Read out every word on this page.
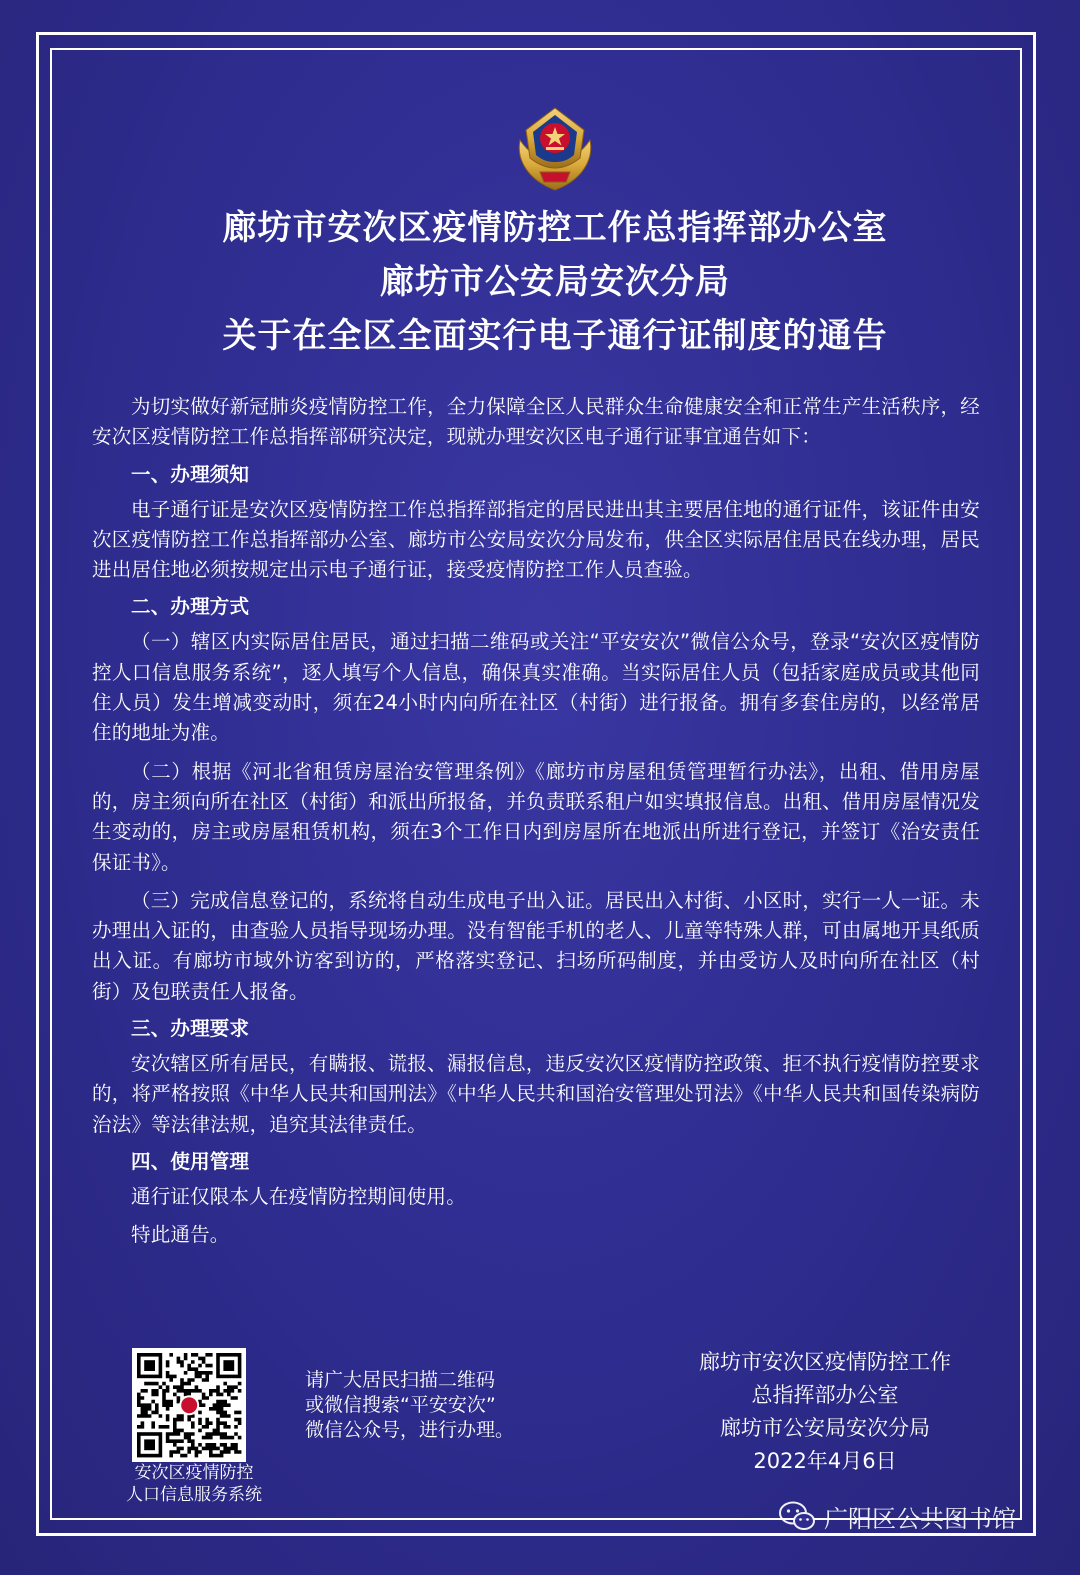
廊坊市安次区疫情防控工作总指挥部办公室
廊坊市公安局安次分局
关于在全区全面实行电子通行证制度的通告

为切实做好新冠肺炎疫情防控工作，全力保障全区人民群众生命健康安全和正常生产生活秩序，经安次区疫情防控工作总指挥部研究决定，现就办理安次区电子通行证事宜通告如下：

一、办理须知

电子通行证是安次区疫情防控工作总指挥部指定的居民进出其主要居住地的通行证件，该证件由安次区疫情防控工作总指挥部办公室、廊坊市公安局安次分局发布，供全区实际居住居民在线办理，居民进出居住地必须按规定出示电子通行证，接受疫情防控工作人员查验。

二、办理方式

（一）辖区内实际居住居民，通过扫描二维码或关注“平安安次”微信公众号，登录“安次区疫情防控人口信息服务系统”，逐人填写个人信息，确保真实准确。当实际居住人员（包括家庭成员或其他同住人员）发生增减变动时，须在24小时内向所在社区（村街）进行报备。拥有多套住房的，以经常居住的地址为准。

（二）根据《河北省租赁房屋治安管理条例》《廊坊市房屋租赁管理暂行办法》，出租、借用房屋的，房主须向所在社区（村街）和派出所报备，并负责联系租户如实填报信息。出租、借用房屋情况发生变动的，房主或房屋租赁机构，须在3个工作日内到房屋所在地派出所进行登记，并签订《治安责任保证书》。

（三）完成信息登记的，系统将自动生成电子出入证。居民出入村街、小区时，实行一人一证。未办理出入证的，由查验人员指导现场办理。没有智能手机的老人、儿童等特殊人群，可由属地开具纸质出入证。有廊坊市域外访客到访的，严格落实登记、扫场所码制度，并由受访人及时向所在社区（村街）及包联责任人报备。

三、办理要求

安次辖区所有居民，有瞒报、谎报、漏报信息，违反安次区疫情防控政策、拒不执行疫情防控要求的，将严格按照《中华人民共和国刑法》《中华人民共和国治安管理处罚法》《中华人民共和国传染病防治法》等法律法规，追究其法律责任。

四、使用管理

通行证仅限本人在疫情防控期间使用。

特此通告。

安次区疫情防控
人口信息服务系统
请广大居民扫描二维码
或微信搜索“平安安次”
微信公众号，进行办理。
廊坊市安次区疫情防控工作
总指挥部办公室
廊坊市公安局安次分局
2022年4月6日
广阳区公共图书馆
